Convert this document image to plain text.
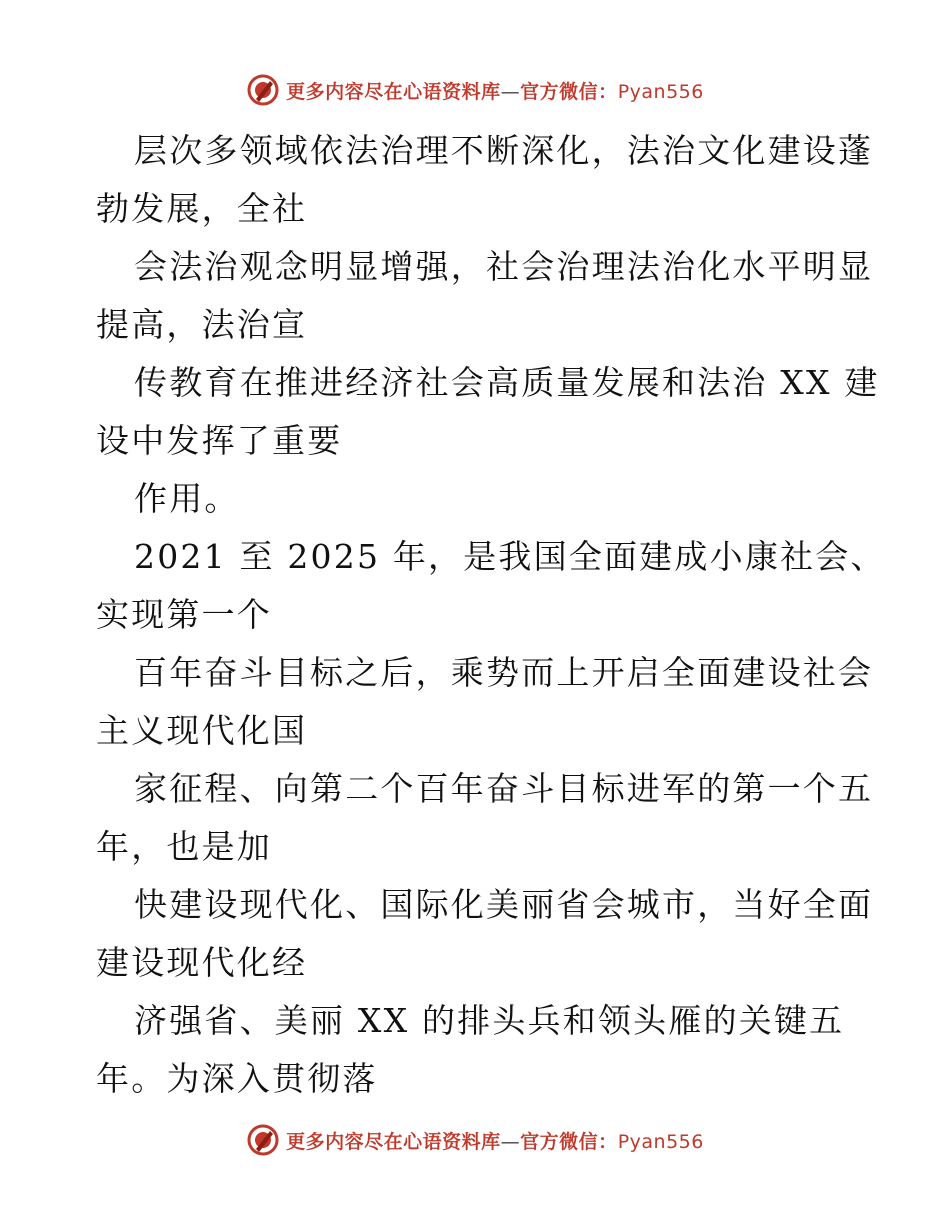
更多内容尽在心语资料库—官方微信：Pyan556
层次多领域依法治理不断深化，法治文化建设蓬
勃发展，全社
会法治观念明显增强，社会治理法治化水平明显
提高，法治宣
传教育在推进经济社会高质量发展和法治 XX 建
设中发挥了重要
作用。
2021 至 2025 年，是我国全面建成小康社会、
实现第一个
百年奋斗目标之后，乘势而上开启全面建设社会
主义现代化国
家征程、向第二个百年奋斗目标进军的第一个五
年，也是加
快建设现代化、国际化美丽省会城市，当好全面
建设现代化经
济强省、美丽 XX 的排头兵和领头雁的关键五
年。为深入贯彻落
更多内容尽在心语资料库—官方微信：Pyan556
